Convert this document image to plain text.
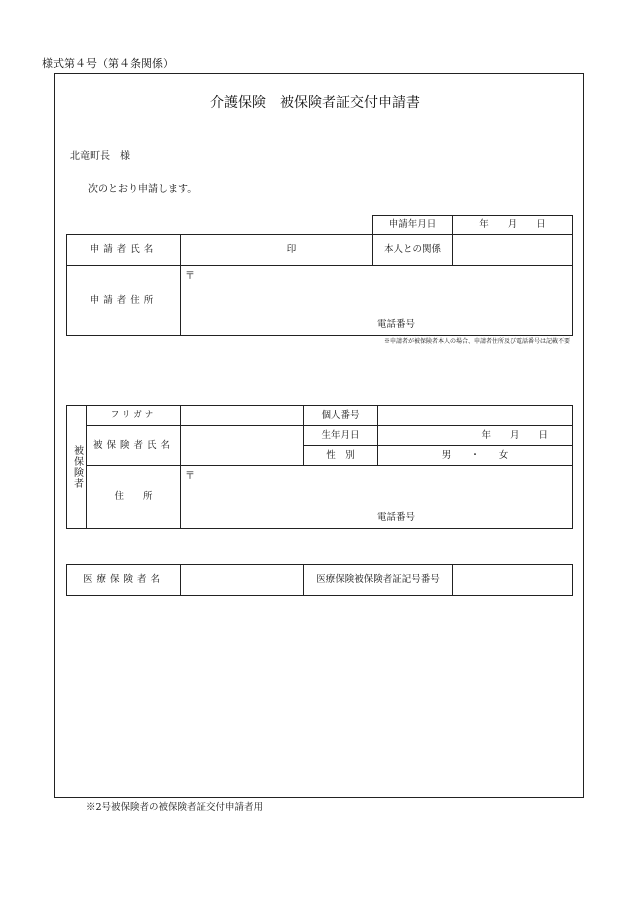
様式第４号（第４条関係）
介護保険　被保険者証交付申請書
北竜町長　様
次のとおり申請します。
申請年月日	年　　月　　日
申請者氏名	印	本人との関係	
申請者住所	〒
電話番号		
※申請者が被保険者本人の場合、申請者住所及び電話番号は記載不要
被保険者	フリガナ		個人番号	
	被保険者氏名		生年月日	年　　月　　日
			性　別	男　　・　　女
	住　　所	〒
電話番号		
医療保険者名		医療保険被保険者証記号番号	
※2号被保険者の被保険者証交付申請者用
